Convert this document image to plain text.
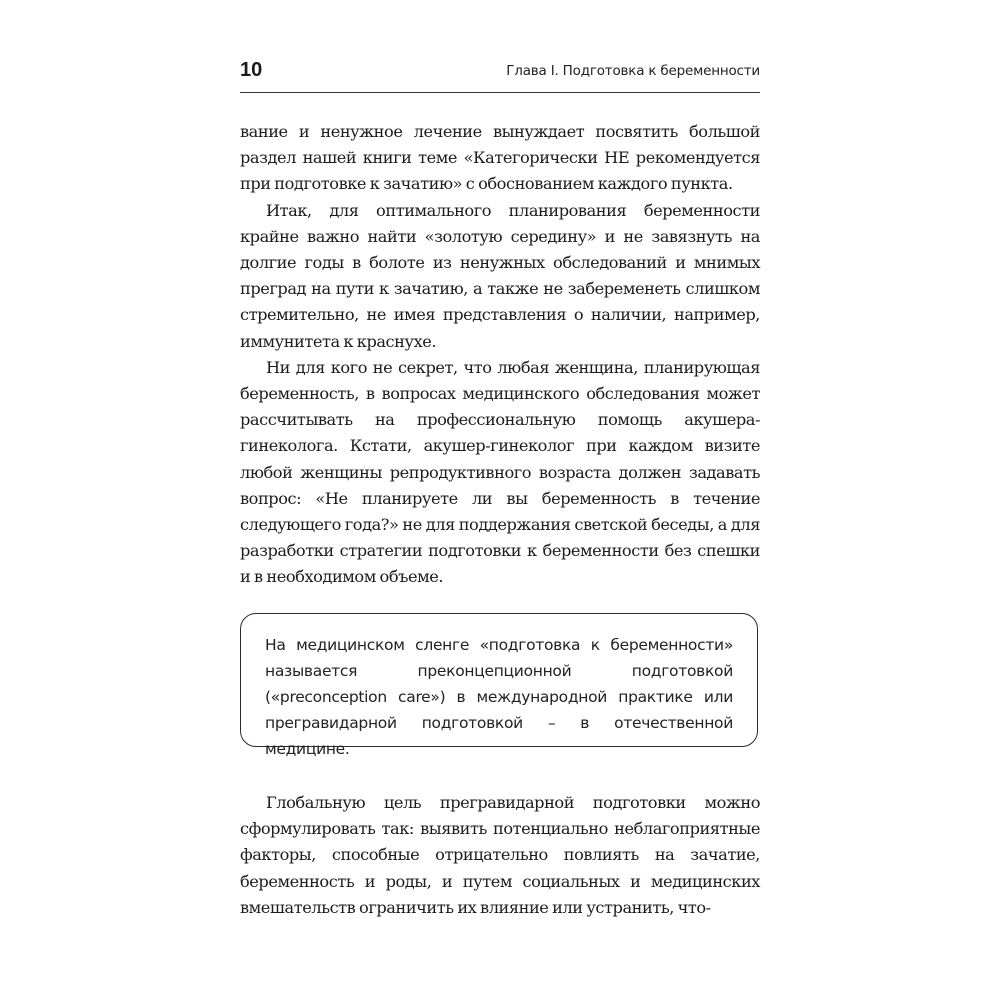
10	Глава I. Подготовка к беременности

вание и ненужное лечение вынуждает посвятить большой раздел нашей книги теме «Категорически НЕ рекомендуется при подготовке к зачатию» с обоснованием каждого пункта.

Итак, для оптимального планирования беременности крайне важно найти «золотую середину» и не завязнуть на долгие годы в болоте из ненужных обследований и мнимых преград на пути к зачатию, а также не забеременеть слишком стремительно, не имея представления о наличии, например, иммунитета к краснухе.

Ни для кого не секрет, что любая женщина, планирующая беременность, в вопросах медицинского обследования может рассчитывать на профессиональную помощь акушера-гинеколога. Кстати, акушер-гинеколог при каждом визите любой женщины репродуктивного возраста должен задавать вопрос: «Не планируете ли вы беременность в течение следующего года?» не для поддержания светской беседы, а для разработки стратегии подготовки к беременности без спешки и в необходимом объеме.

На медицинском сленге «подготовка к беременности» называется преконцепционной подготовкой («preconception care») в международной практике или прегравидарной подготовкой – в отечественной медицине.

Глобальную цель прегравидарной подготовки можно сформулировать так: выявить потенциально неблагоприятные факторы, способные отрицательно повлиять на зачатие, беременность и роды, и путем социальных и медицинских вмешательств ограничить их влияние или устранить, что-
